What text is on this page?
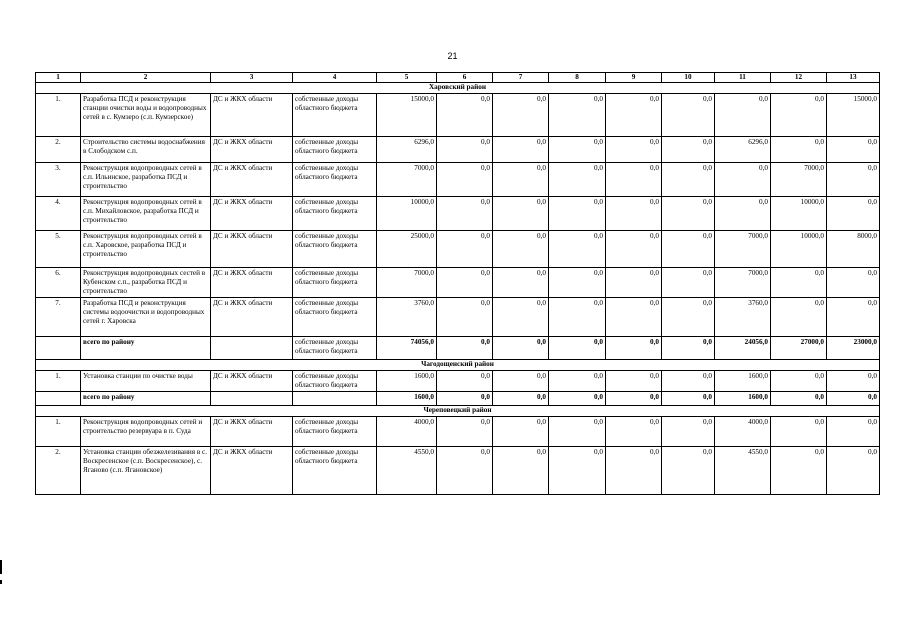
21
1	2	3	4	5	6	7	8	9	10	11	12	13
Харовский район												
1.	Разработка ПСД и реконструкция станции очистки воды и водопроводных сетей в с. Кумзеро (с.п. Кумзерское)	ДС и ЖКХ области	собственные доходы областного бюджета	15000,0	0,0	0,0	0,0	0,0	0,0	0,0	0,0	15000,0
2.	Строительство системы водоснабжения в Слободском с.п.	ДС и ЖКХ области	собственные доходы областного бюджета	6296,0	0,0	0,0	0,0	0,0	0,0	6296,0	0,0	0,0
3.	Реконструкция водопроводных сетей в с.п. Ильинское, разработка ПСД и строительство	ДС и ЖКХ области	собственные доходы областного бюджета	7000,0	0,0	0,0	0,0	0,0	0,0	0,0	7000,0	0,0
4.	Реконструкция водопроводных сетей в с.п. Михайловское, разработка ПСД и строительство	ДС и ЖКХ области	собственные доходы областного бюджета	10000,0	0,0	0,0	0,0	0,0	0,0	0,0	10000,0	0,0
5.	Реконструкция водопроводных сетей в с.п. Харовское, разработка ПСД и строительство	ДС и ЖКХ области	собственные доходы областного бюджета	25000,0	0,0	0,0	0,0	0,0	0,0	7000,0	10000,0	8000,0
6.	Реконструкция водопроводных сестей в Кубенском с.п., разработка ПСД и строительство	ДС и ЖКХ области	собственные доходы областного бюджета	7000,0	0,0	0,0	0,0	0,0	0,0	7000,0	0,0	0,0
7.	Разработка ПСД и реконструкция системы водоочистки и водопроводных сетей г. Харовска	ДС и ЖКХ области	собственные доходы областного бюджета	3760,0	0,0	0,0	0,0	0,0	0,0	3760,0	0,0	0,0
	всего по району		собственные доходы областного бюджета	74056,0	0,0	0,0	0,0	0,0	0,0	24056,0	27000,0	23000,0
Чагодощенский район												
1.	Установка станции по очистке воды	ДС и ЖКХ области	собственные доходы областного бюджета	1600,0	0,0	0,0	0,0	0,0	0,0	1600,0	0,0	0,0
	всего по району			1600,0	0,0	0,0	0,0	0,0	0,0	1600,0	0,0	0,0
Череповецкий район												
1.	Реконструкция водопроводных сетей и строительство резервуара в п. Суда	ДС и ЖКХ области	собственные доходы областного бюджета	4000,0	0,0	0,0	0,0	0,0	0,0	4000,0	0,0	0,0
2.	Установка станции обезжелезивания в с. Воскресенское (с.п. Воскресенское), с. Яганово (с.п. Ягановское)	ДС и ЖКХ области	собственные доходы областного бюджета	4550,0	0,0	0,0	0,0	0,0	0,0	4550,0	0,0	0,0
